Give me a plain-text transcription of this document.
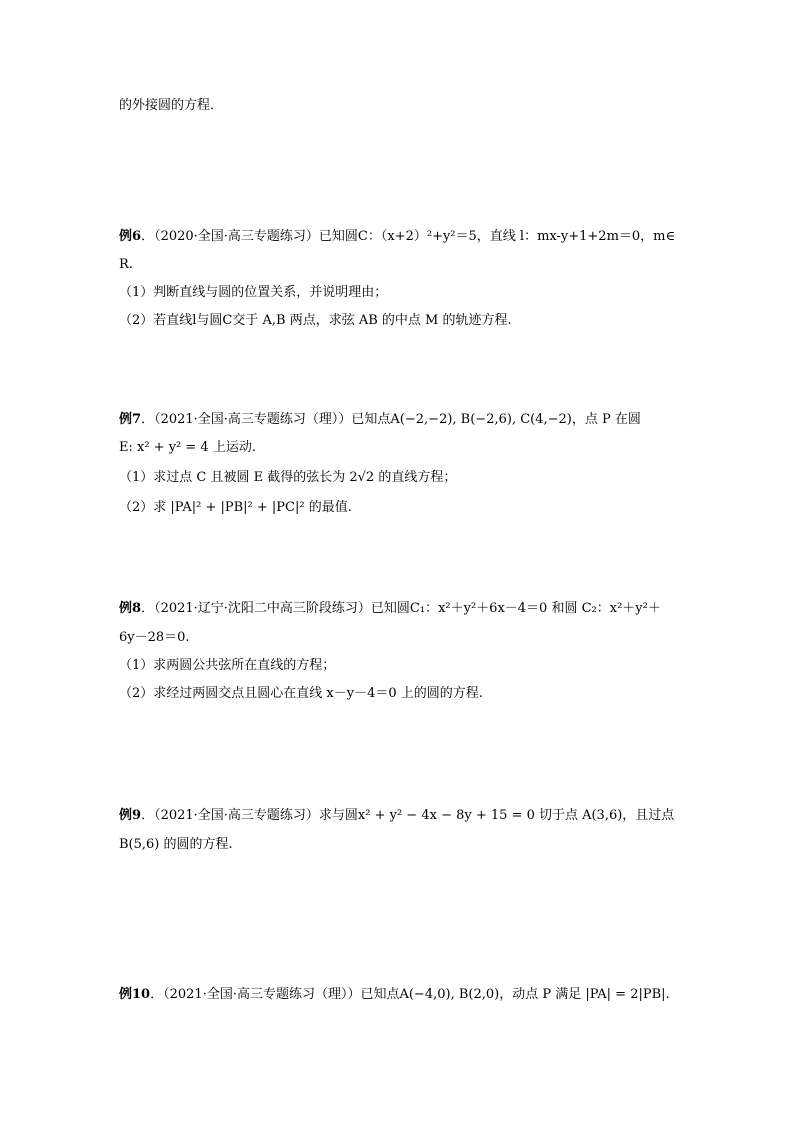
的外接圆的方程．
例6．（2020·全国·高三专题练习）已知圆C：（x+2）²+y²＝5，直线 l：mx-y+1+2m＝0，m∈
R.
（1）判断直线与圆的位置关系，并说明理由；
（2）若直线l与圆C交于 A,B 两点，求弦 AB 的中点 M 的轨迹方程.
例7．（2021·全国·高三专题练习（理））已知点A(−2,−2), B(−2,6), C(4,−2)，点 P 在圆
E: x² + y² = 4 上运动.
（1）求过点 C 且被圆 E 截得的弦长为 2√2 的直线方程；
（2）求 |PA|² + |PB|² + |PC|² 的最值.
例8．（2021·辽宁·沈阳二中高三阶段练习）已知圆C₁：x²＋y²＋6x－4＝0 和圆 C₂：x²＋y²＋
6y－28＝0.
（1）求两圆公共弦所在直线的方程；
（2）求经过两圆交点且圆心在直线 x－y－4＝0 上的圆的方程.
例9．（2021·全国·高三专题练习）求与圆x² + y² − 4x − 8y + 15 = 0 切于点 A(3,6)，且过点
B(5,6) 的圆的方程.
例10．（2021·全国·高三专题练习（理））已知点A(−4,0), B(2,0)，动点 P 满足 |PA| = 2|PB|.
